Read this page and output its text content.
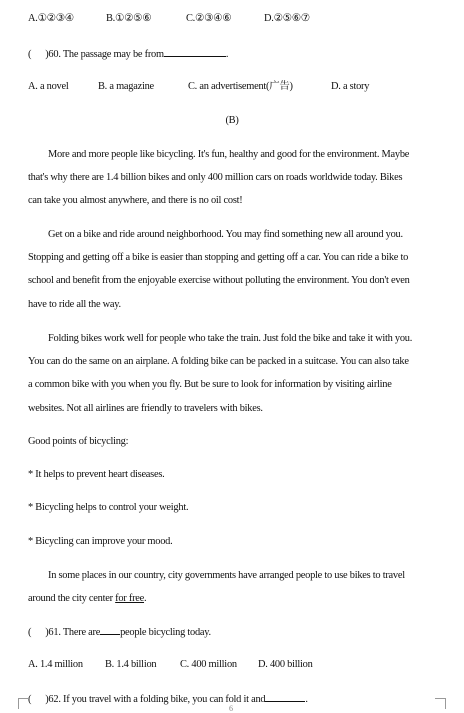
A.①②③④	B.①②⑤⑥	C.②③④⑥	D.②⑤⑥⑦
( )60. The passage may be from	.
A. a novel	B. a magazine	C. an advertisement(广告)	D. a story
(B)
More and more people like bicycling. It's fun, healthy and good for the environment. Maybe
that's why there are 1.4 billion bikes and only 400 million cars on roads worldwide today. Bikes
can take you almost anywhere, and there is no oil cost!
Get on a bike and ride around neighborhood. You may find something new all around you.
Stopping and getting off a bike is easier than stopping and getting off a car. You can ride a bike to
school and benefit from the enjoyable exercise without polluting the environment. You don't even
have to ride all the way.
Folding bikes work well for people who take the train. Just fold the bike and take it with you.
You can do the same on an airplane. A folding bike can be packed in a suitcase. You can also take
a common bike with you when you fly. But be sure to look for information by visiting airline
websites. Not all airlines are friendly to travelers with bikes.
Good points of bicycling:
* It helps to prevent heart diseases.
* Bicycling helps to control your weight.
* Bicycling can improve your mood.
In some places in our country, city governments have arranged people to use bikes to travel
around the city center for free.
( )61. There are people bicycling today.
A. 1.4 million B. 1.4 billion C. 400 million D. 400 billion
( )62. If you travel with a folding bike, you can fold it and	.
6
